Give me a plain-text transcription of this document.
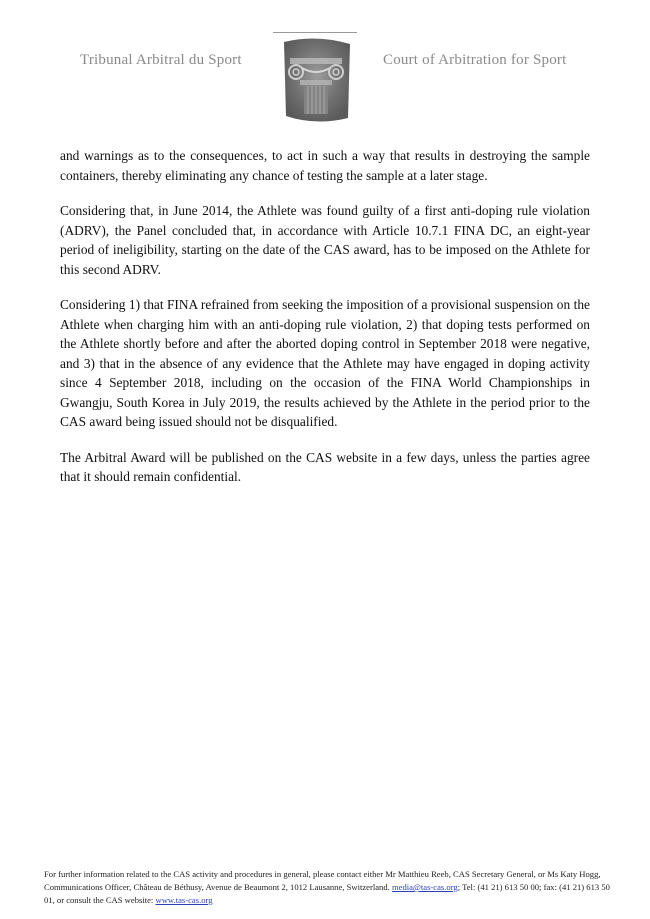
Tribunal Arbitral du Sport	Court of Arbitration for Sport

and warnings as to the consequences, to act in such a way that results in destroying the sample containers, thereby eliminating any chance of testing the sample at a later stage.

Considering that, in June 2014, the Athlete was found guilty of a first anti-doping rule violation (ADRV), the Panel concluded that, in accordance with Article 10.7.1 FINA DC, an eight-year period of ineligibility, starting on the date of the CAS award, has to be imposed on the Athlete for this second ADRV.

Considering 1) that FINA refrained from seeking the imposition of a provisional suspension on the Athlete when charging him with an anti-doping rule violation, 2) that doping tests performed on the Athlete shortly before and after the aborted doping control in September 2018 were negative, and 3) that in the absence of any evidence that the Athlete may have engaged in doping activity since 4 September 2018, including on the occasion of the FINA World Championships in Gwangju, South Korea in July 2019, the results achieved by the Athlete in the period prior to the CAS award being issued should not be disqualified.

The Arbitral Award will be published on the CAS website in a few days, unless the parties agree that it should remain confidential.

For further information related to the CAS activity and procedures in general, please contact either Mr Matthieu Reeb, CAS Secretary General, or Ms Katy Hogg, Communications Officer, Château de Béthusy, Avenue de Beaumont 2, 1012 Lausanne, Switzerland. media@tas-cas.org; Tel: (41 21) 613 50 00; fax: (41 21) 613 50 01, or consult the CAS website: www.tas-cas.org
